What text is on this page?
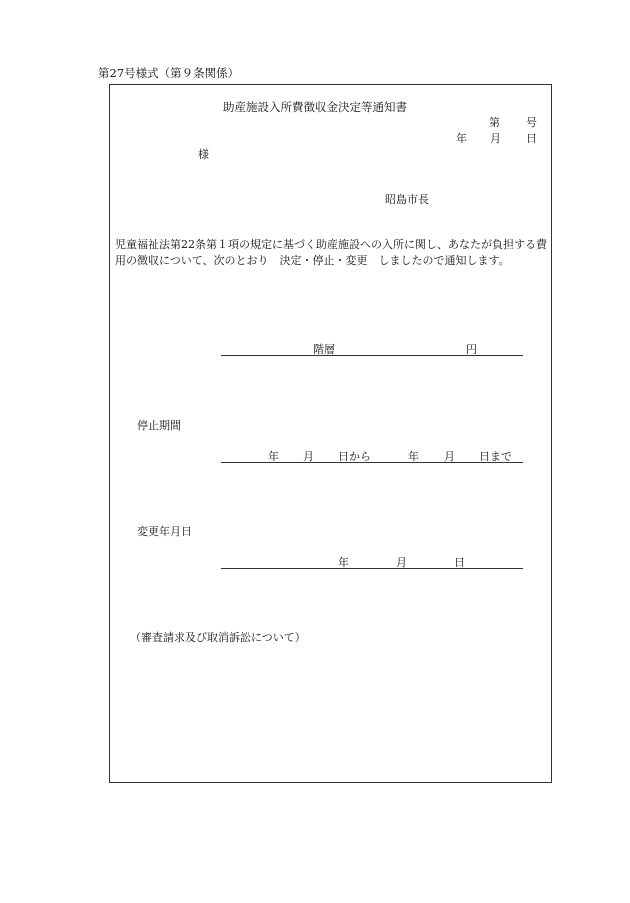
第27号様式（第９条関係）
助産施設入所費徴収金決定等通知書
第 号
年 月 日
様
昭島市長
児童福祉法第22条第１項の規定に基づく助産施設への入所に関し、あなたが負担する費用の徴収について、次のとおり　決定・停止・変更　しましたので通知します。
階層	円
停止期間
年 月 日から	年 月 日まで
変更年月日
年	月	日
（審査請求及び取消訴訟について）
